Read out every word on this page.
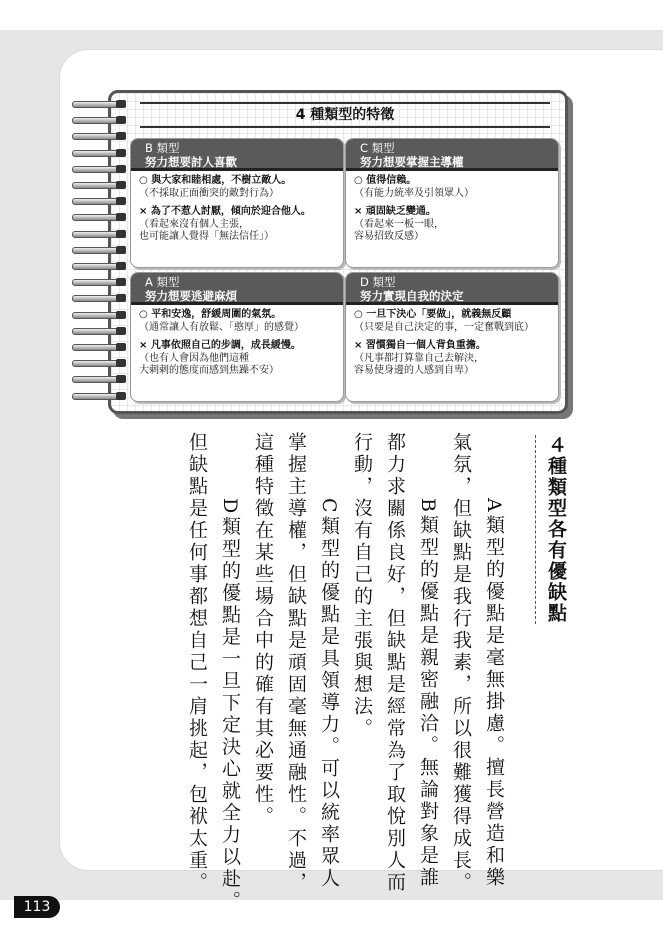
4 種類型的特徵
B 類型
努力想要討人喜歡
○ 與大家和睦相處，不樹立敵人。
（不採取正面衝突的敵對行為）
× 為了不惹人討厭，傾向於迎合他人。
（看起來沒有個人主張，
也可能讓人覺得「無法信任」）
C 類型
努力想要掌握主導權
○ 值得信賴。
（有能力統率及引領眾人）
× 頑固缺乏變通。
（看起來一板一眼，
容易招致反感）
A 類型
努力想要逃避麻煩
○ 平和安逸，舒緩周圍的氣氛。
（通常讓人有放鬆、「憨厚」的感覺）
× 凡事依照自己的步調，成長緩慢。
（也有人會因為他們這種
大剌剌的態度而感到焦躁不安）
D 類型
努力實現自我的決定
○ 一旦下決心「要做」，就義無反顧
（只要是自己決定的事，一定奮戰到底）
× 習慣獨自一個人背負重擔。
（凡事都打算靠自己去解決，
容易使身邊的人感到自卑）
４種類型各有優缺點
　A類型的優點是毫無掛慮。擅長營造和樂
氣氛，但缺點是我行我素，所以很難獲得成長。
　B類型的優點是親密融洽。無論對象是誰
都力求關係良好，但缺點是經常為了取悅別人而
行動，沒有自己的主張與想法。
　C類型的優點是具領導力。可以統率眾人
掌握主導權，但缺點是頑固毫無通融性。不過，
這種特徵在某些場合中的確有其必要性。
　D類型的優點是一旦下定決心就全力以赴。
但缺點是任何事都想自己一肩挑起，包袱太重。
113
